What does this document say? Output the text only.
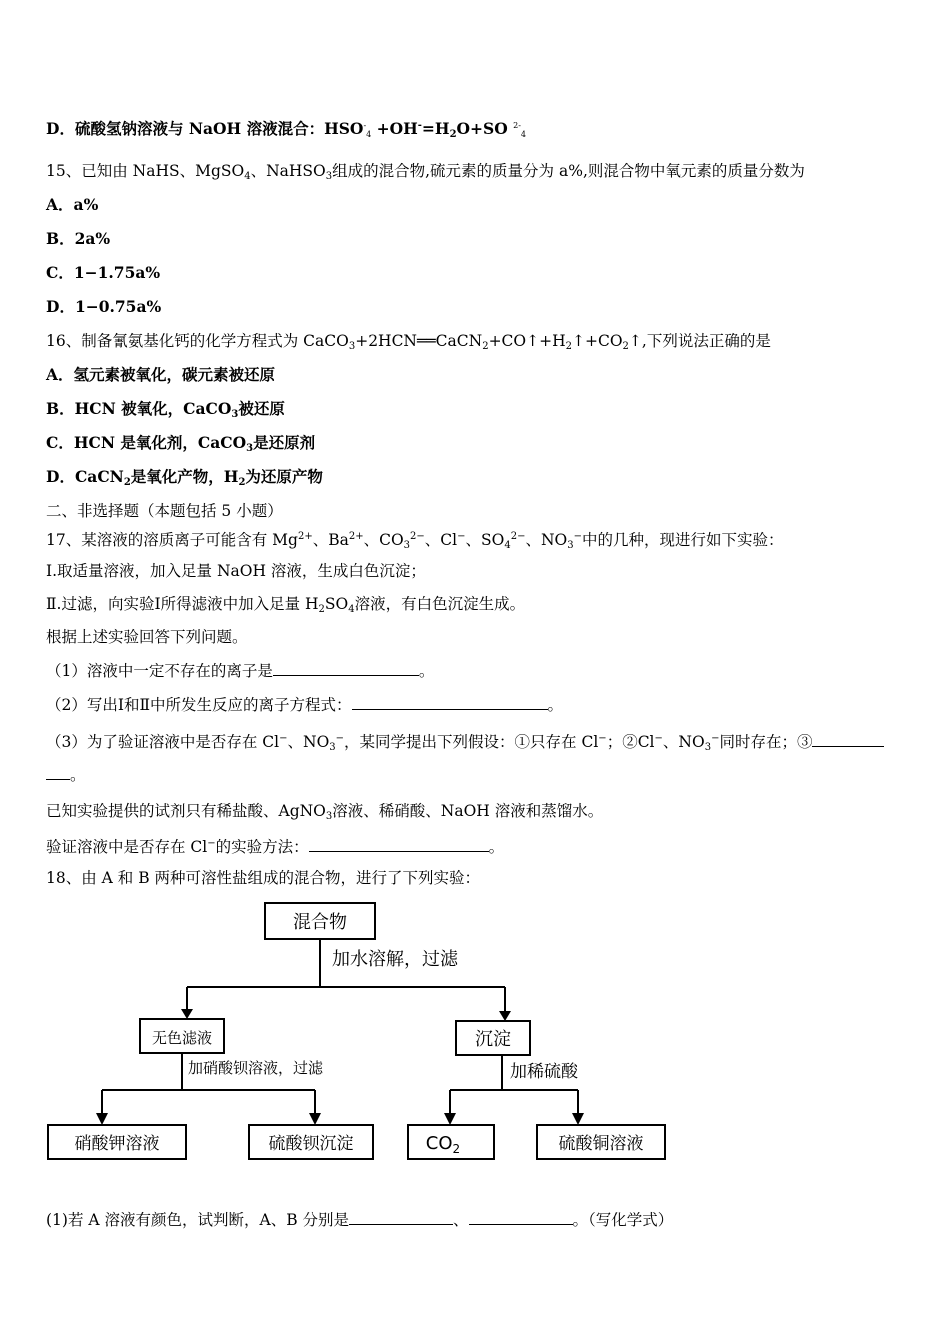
D．硫酸氢钠溶液与 NaOH 溶液混合：$HSO^-_4 +OH^-=H_2O+SO$ $^{2-}_4$
15、已知由 NaHS、MgSO$_4$、NaHSO$_3$组成的混合物,硫元素的质量分为 a%,则混合物中氧元素的质量分数为
A．a%
B．2a%
C．1−1.75a%
D．1−0.75a%
16、制备氰氨基化钙的化学方程式为 $CaCO_3+2HCN══CaCN_2+CO↑+H_2↑+CO_2↑$,下列说法正确的是
A．氢元素被氧化，碳元素被还原
B．HCN 被氧化，CaCO$_3$被还原
C．HCN 是氧化剂，CaCO$_3$是还原剂
D．CaCN$_2$是氧化产物，$H_2$为还原产物
二、非选择题（本题包括 5 小题）
17、某溶液的溶质离子可能含有 $Mg^{2+}$、$Ba^{2+}$、$CO_3^{2-}$、Cl−、$SO_4^{2-}$、$NO_3^-$中的几种，现进行如下实验：
Ⅰ.取适量溶液，加入足量 NaOH 溶液，生成白色沉淀；
Ⅱ.过滤，向实验Ⅰ所得滤液中加入足量 $H_2SO_4$溶液，有白色沉淀生成。
根据上述实验回答下列问题。
（1）溶液中一定不存在的离子是	。
（2）写出Ⅰ和Ⅱ中所发生反应的离子方程式：	。
（3）为了验证溶液中是否存在 Cl−、$NO_3^-$，某同学提出下列假设：①只存在 Cl−；②Cl−、$NO_3^-$同时存在；③
。
已知实验提供的试剂只有稀盐酸、AgNO$_3$溶液、稀硝酸、NaOH 溶液和蒸馏水。
验证溶液中是否存在 Cl−的实验方法：	。
18、由 A 和 B 两种可溶性盐组成的混合物，进行了下列实验：
混合物
加水溶解，过滤
无色滤液	沉淀
加硝酸钡溶液，过滤	加稀硫酸
硝酸钾溶液	硫酸钡沉淀	$CO_2$	硫酸铜溶液
(1)若 A 溶液有颜色，试判断，A、B 分别是	、	。（写化学式）
